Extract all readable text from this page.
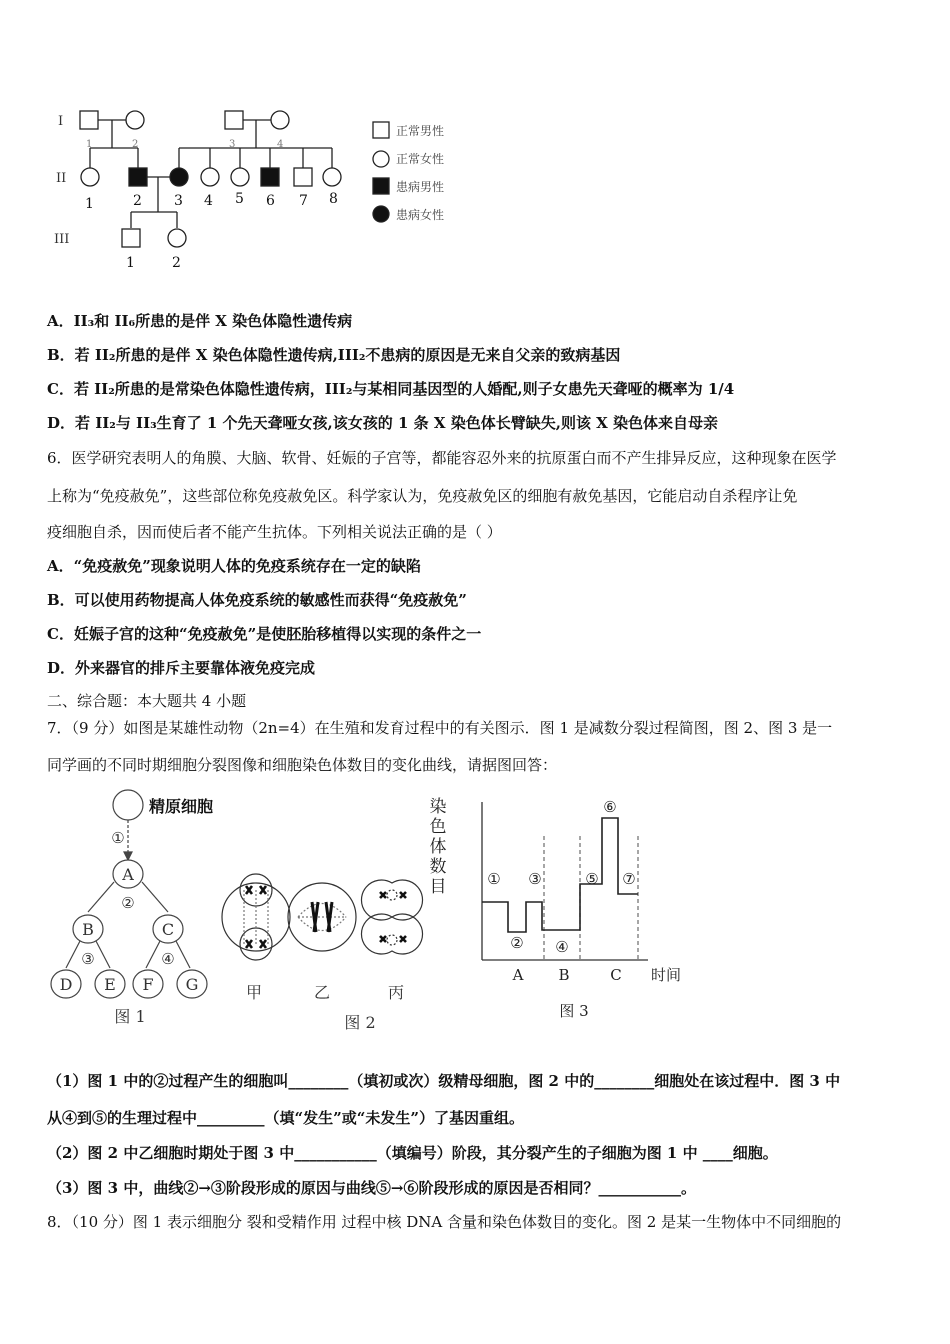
I
II
III
1	2	3	4
1	2 3 4 5 6 7 8
1	2
正常男性
正常女性
患病男性
患病女性
A．II₃和 II₆所患的是伴 X 染色体隐性遗传病
B．若 II₂所患的是伴 X 染色体隐性遗传病,III₂不患病的原因是无来自父亲的致病基因
C．若 II₂所患的是常染色体隐性遗传病，III₂与某相同基因型的人婚配,则子女患先天聋哑的概率为 1/4
D．若 II₂与 II₃生育了 1 个先天聋哑女孩,该女孩的 1 条 X 染色体长臂缺失,则该 X 染色体来自母亲
6．医学研究表明人的角膜、大脑、软骨、妊娠的子宫等，都能容忍外来的抗原蛋白而不产生排异反应，这种现象在医学
上称为“免疫赦免”，这些部位称免疫赦免区。科学家认为，免疫赦免区的细胞有赦免基因，它能启动自杀程序让免
疫细胞自杀，因而使后者不能产生抗体。下列相关说法正确的是（ ）
A．“免疫赦免”现象说明人体的免疫系统存在一定的缺陷
B．可以使用药物提高人体免疫系统的敏感性而获得“免疫赦免”
C．妊娠子宫的这种“免疫赦免”是使胚胎移植得以实现的条件之一
D．外来器官的排斥主要靠体液免疫完成
二、综合题：本大题共 4 小题
7．（9 分）如图是某雄性动物（2n=4）在生殖和发育过程中的有关图示．图 1 是减数分裂过程简图，图 2、图 3 是一
同学画的不同时期细胞分裂图像和细胞染色体数目的变化曲线，请据图回答：
A
B	C
D E F G
①
②
③	④
精原细胞
图 1
甲	乙	丙
图 2
染
色
体
数
目	①
②
③
④
⑤
⑥
⑦
A B	C 时间
图 3
（1）图 1 中的②过程产生的细胞叫________（填初或次）级精母细胞，图 2 中的________细胞处在该过程中．图 3 中
从④到⑤的生理过程中_________（填“发生”或“未发生”）了基因重组。
（2）图 2 中乙细胞时期处于图 3 中___________（填编号）阶段，其分裂产生的子细胞为图 1 中 ____细胞。
（3）图 3 中，曲线②→③阶段形成的原因与曲线⑤→⑥阶段形成的原因是否相同？___________。
8．（10 分）图 1 表示细胞分 裂和受精作用 过程中核 DNA 含量和染色体数目的变化。图 2 是某一生物体中不同细胞的
